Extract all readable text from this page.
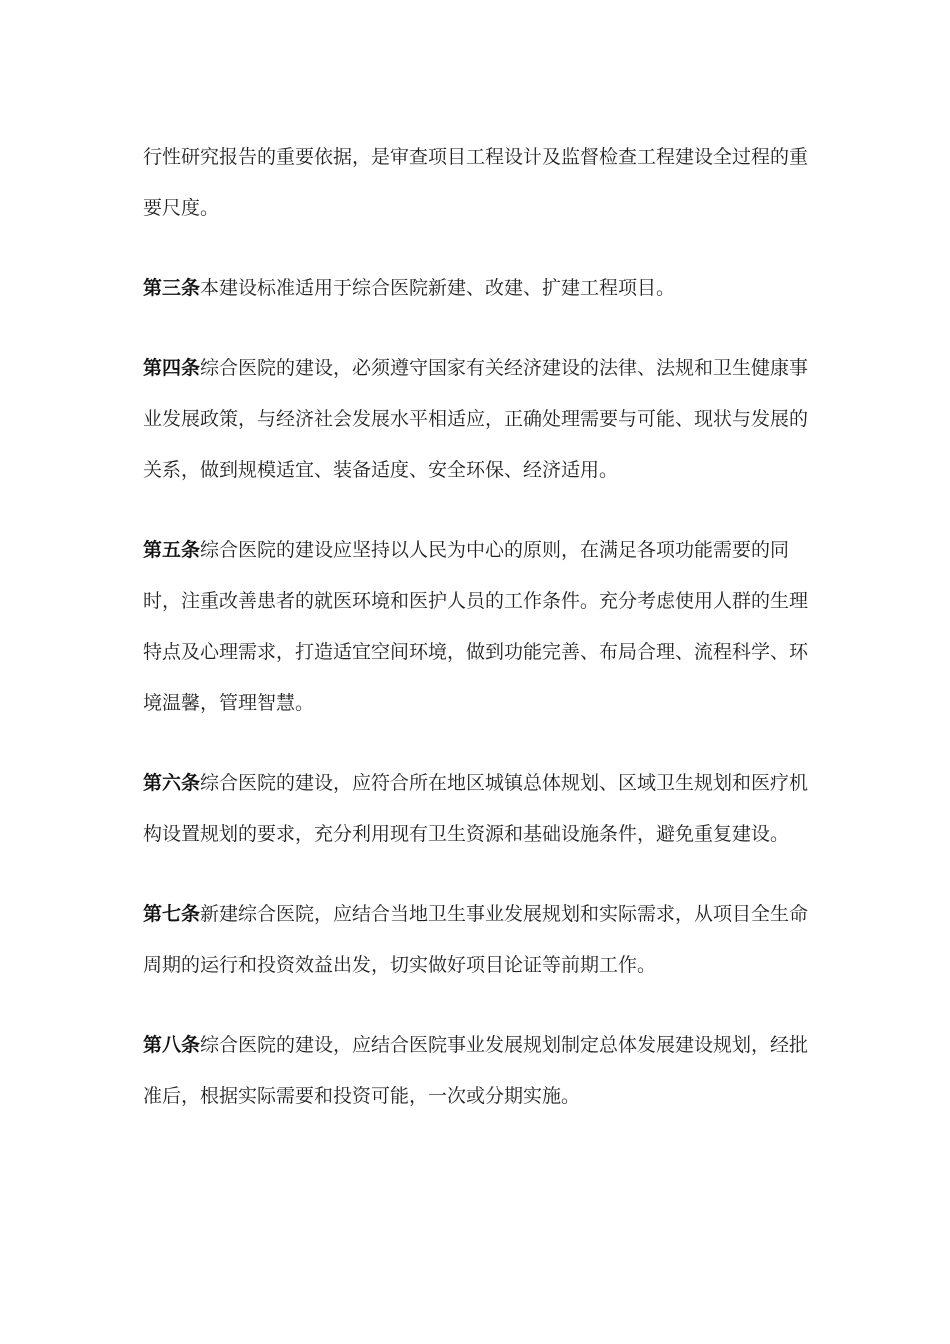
行性研究报告的重要依据，是审查项目工程设计及监督检查工程建设全过程的重要尺度。

第三条本建设标准适用于综合医院新建、改建、扩建工程项目。

第四条综合医院的建设，必须遵守国家有关经济建设的法律、法规和卫生健康事业发展政策，与经济社会发展水平相适应，正确处理需要与可能、现状与发展的关系，做到规模适宜、装备适度、安全环保、经济适用。

第五条综合医院的建设应坚持以人民为中心的原则，在满足各项功能需要的同时，注重改善患者的就医环境和医护人员的工作条件。充分考虑使用人群的生理特点及心理需求，打造适宜空间环境，做到功能完善、布局合理、流程科学、环境温馨，管理智慧。

第六条综合医院的建设，应符合所在地区城镇总体规划、区域卫生规划和医疗机构设置规划的要求，充分利用现有卫生资源和基础设施条件，避免重复建设。

第七条新建综合医院，应结合当地卫生事业发展规划和实际需求，从项目全生命周期的运行和投资效益出发，切实做好项目论证等前期工作。

第八条综合医院的建设，应结合医院事业发展规划制定总体发展建设规划，经批准后，根据实际需要和投资可能，一次或分期实施。
